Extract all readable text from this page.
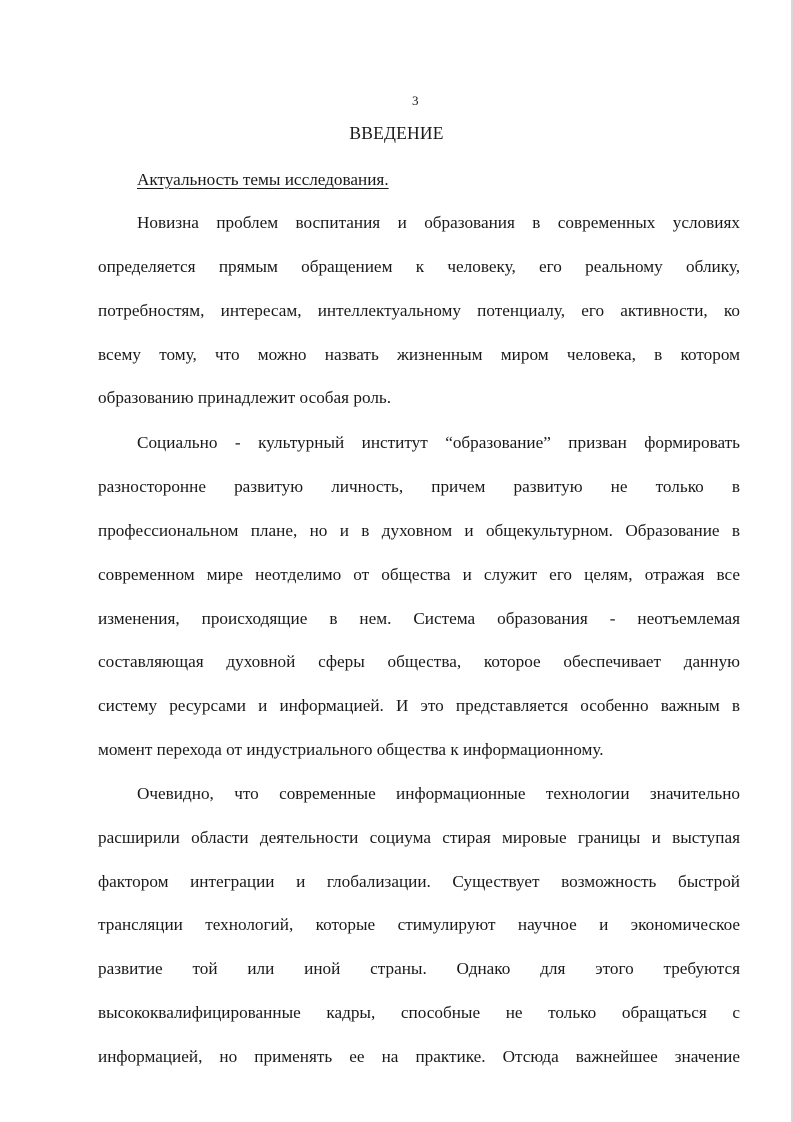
3
ВВЕДЕНИЕ
Актуальность темы исследования.
Новизна проблем воспитания и образования в современных условиях
определяется прямым обращением к человеку, его реальному облику,
потребностям, интересам, интеллектуальному потенциалу, его активности, ко
всему тому, что можно назвать жизненным миром человека, в котором
образованию принадлежит особая роль.
Социально - культурный институт “образование” призван формировать
разносторонне развитую личность, причем развитую не только в
профессиональном плане, но и в духовном и общекультурном. Образование в
современном мире неотделимо от общества и служит его целям, отражая все
изменения, происходящие в нем. Система образования - неотъемлемая
составляющая духовной сферы общества, которое обеспечивает данную
систему ресурсами и информацией. И это представляется особенно важным в
момент перехода от индустриального общества к информационному.
Очевидно, что современные информационные технологии значительно
расширили области деятельности социума стирая мировые границы и выступая
фактором интеграции и глобализации. Существует возможность быстрой
трансляции технологий, которые стимулируют научное и экономическое
развитие той или иной страны. Однако для этого требуются
высококвалифицированные кадры, способные не только обращаться с
информацией, но применять ее на практике. Отсюда важнейшее значение
